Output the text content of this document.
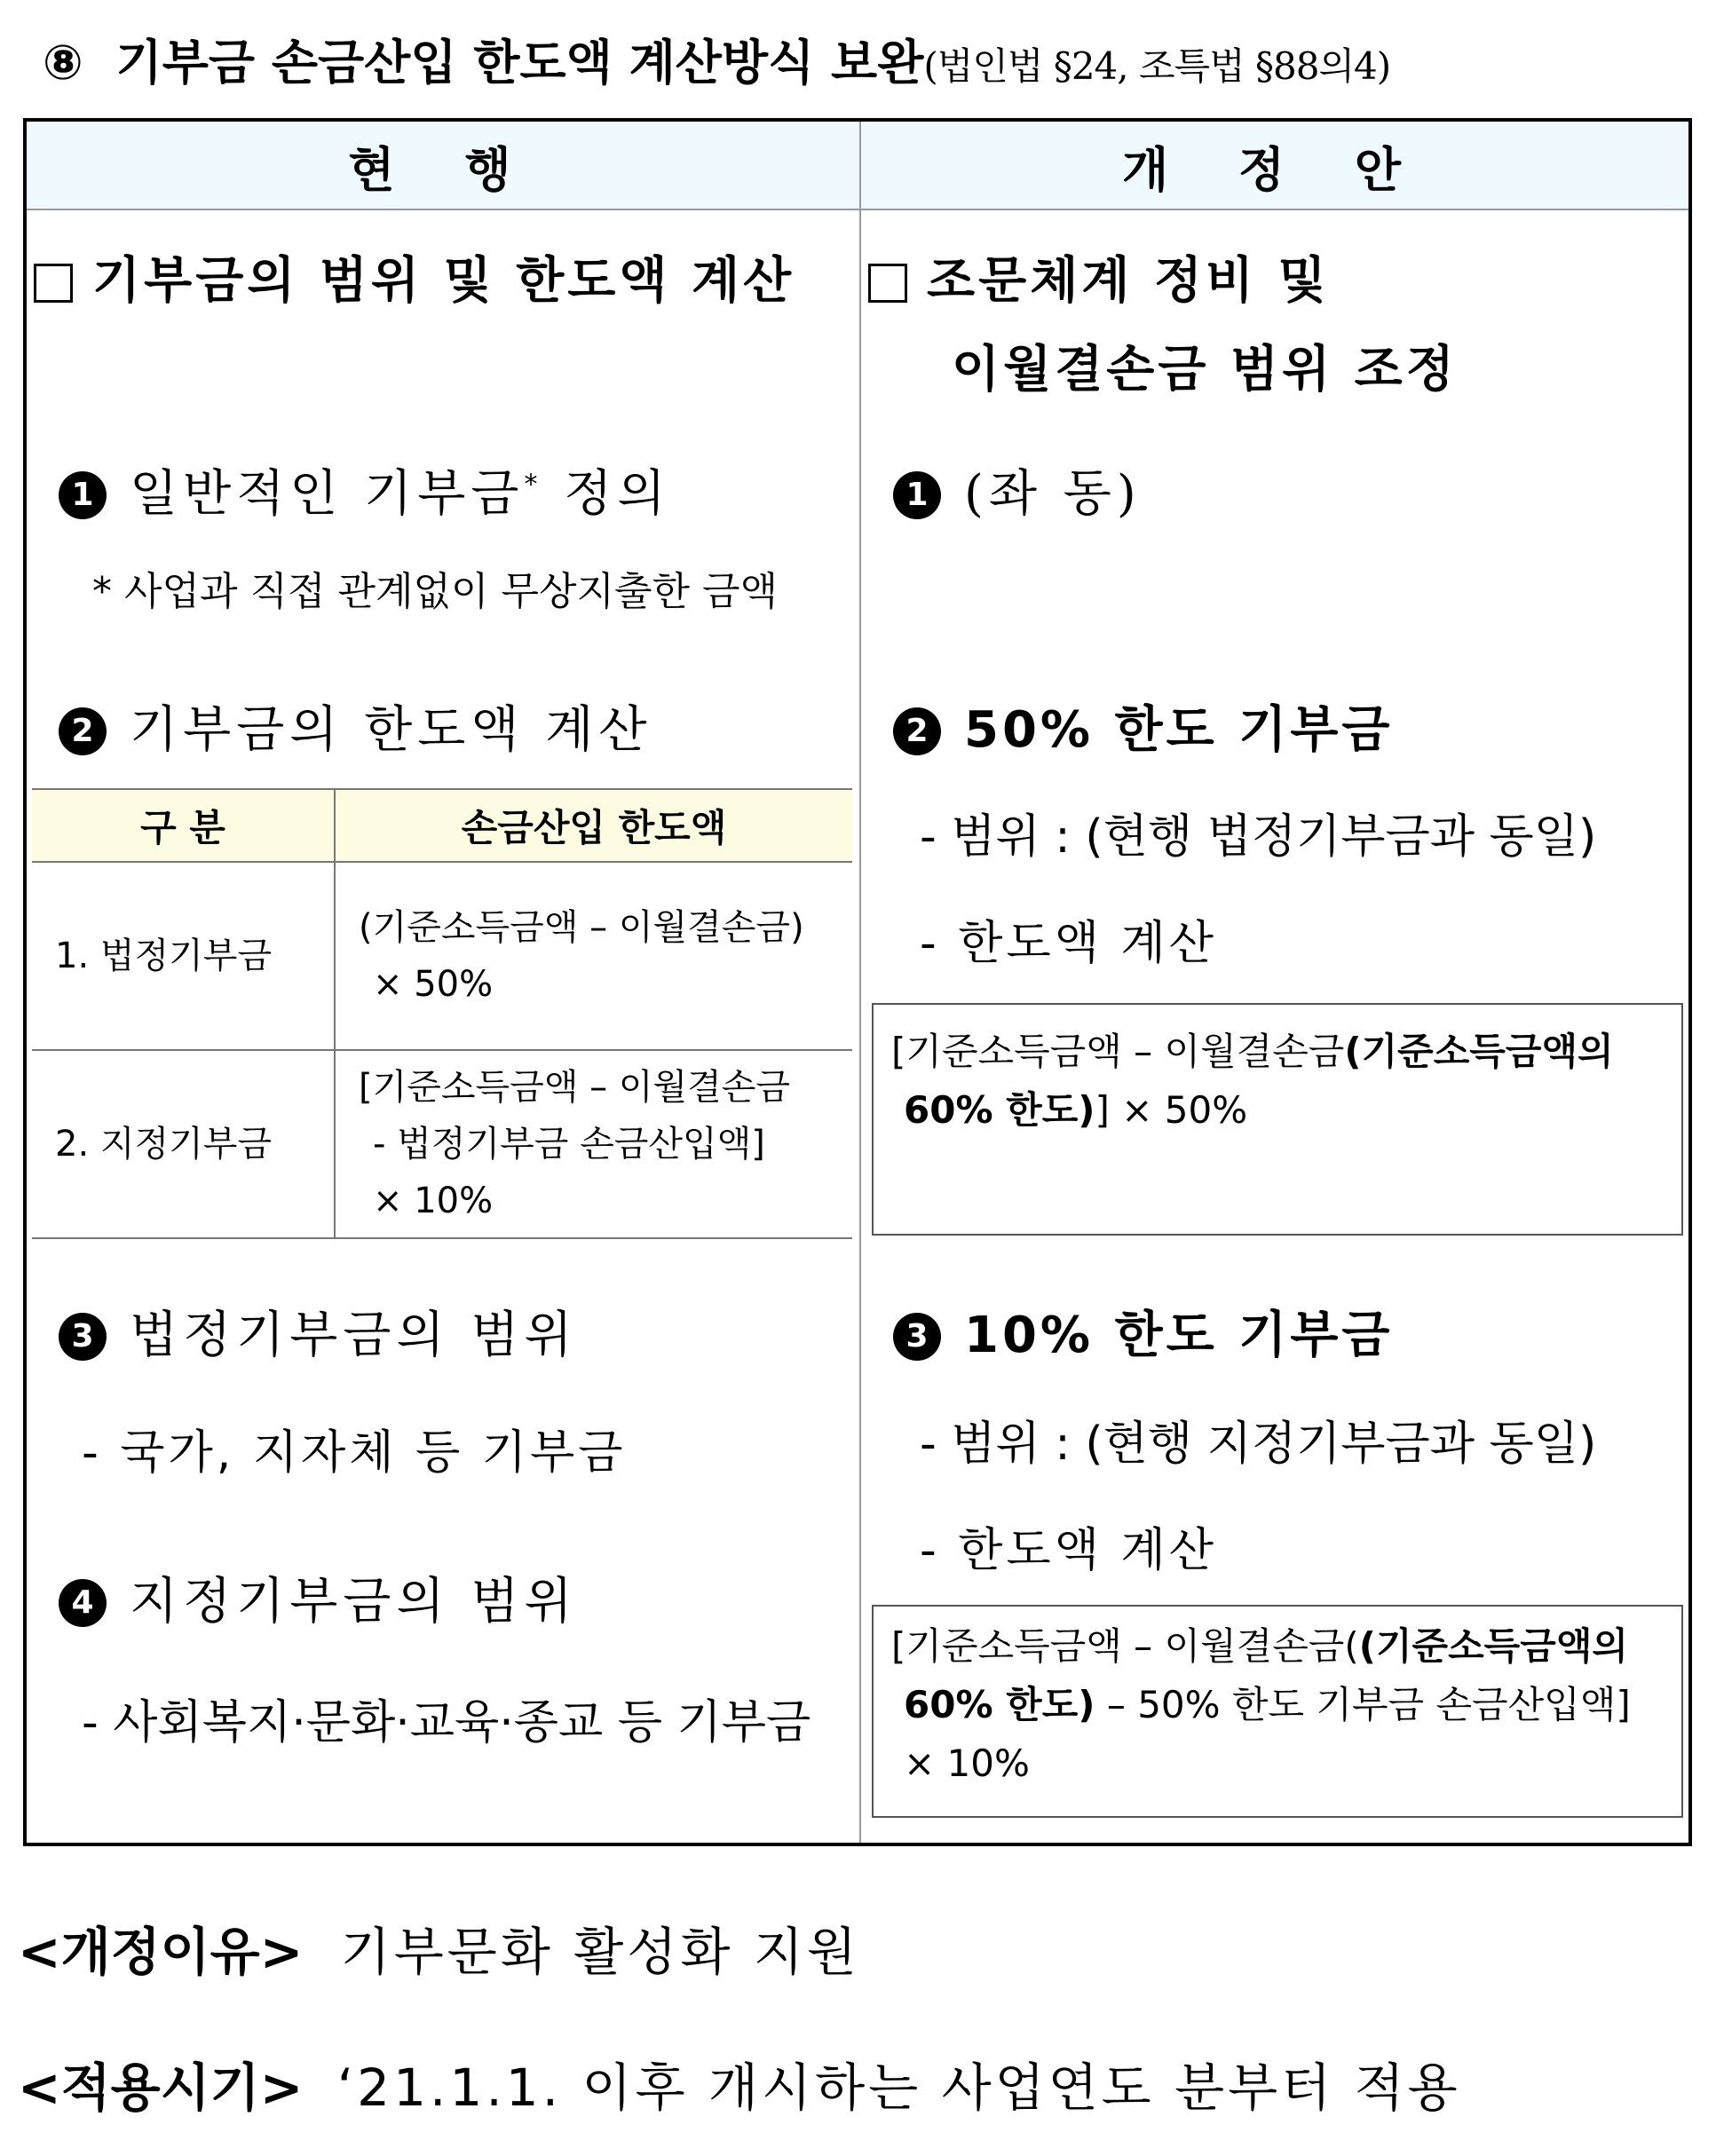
⑧ 기부금 손금산입 한도액 계산방식 보완(법인법 §24, 조특법 §88의4)
현 행	개 정 안
기부금의 범위 및 한도액 계산
1 일반적인 기부금* 정의
* 사업과 직접 관계없이 무상지출한 금액
2 기부금의 한도액 계산
구 분	손금산입 한도액
1. 법정기부금	(기준소득금액 – 이월결손금)
× 50%

2. 지정기부금	[기준소득금액 – 이월결손금
- 법정기부금 손금산입액]
× 10%
3 법정기부금의 범위
- 국가, 지자체 등 기부금
4 지정기부금의 범위
- 사회복지·문화·교육·종교 등 기부금
조문체계 정비 및
이월결손금 범위 조정
1 (좌 동)
2 50% 한도 기부금
- 범위 : (현행 법정기부금과 동일)
- 한도액 계산
[기준소득금액 – 이월결손금(기준소득금액의
60% 한도)] × 50%
3 10% 한도 기부금
- 범위 : (현행 지정기부금과 동일)
- 한도액 계산
[기준소득금액 – 이월결손금((기준소득금액의
60% 한도) – 50% 한도 기부금 손금산입액]
× 10%
<개정이유> 기부문화 활성화 지원
<적용시기> ‘21.1.1. 이후 개시하는 사업연도 분부터 적용
